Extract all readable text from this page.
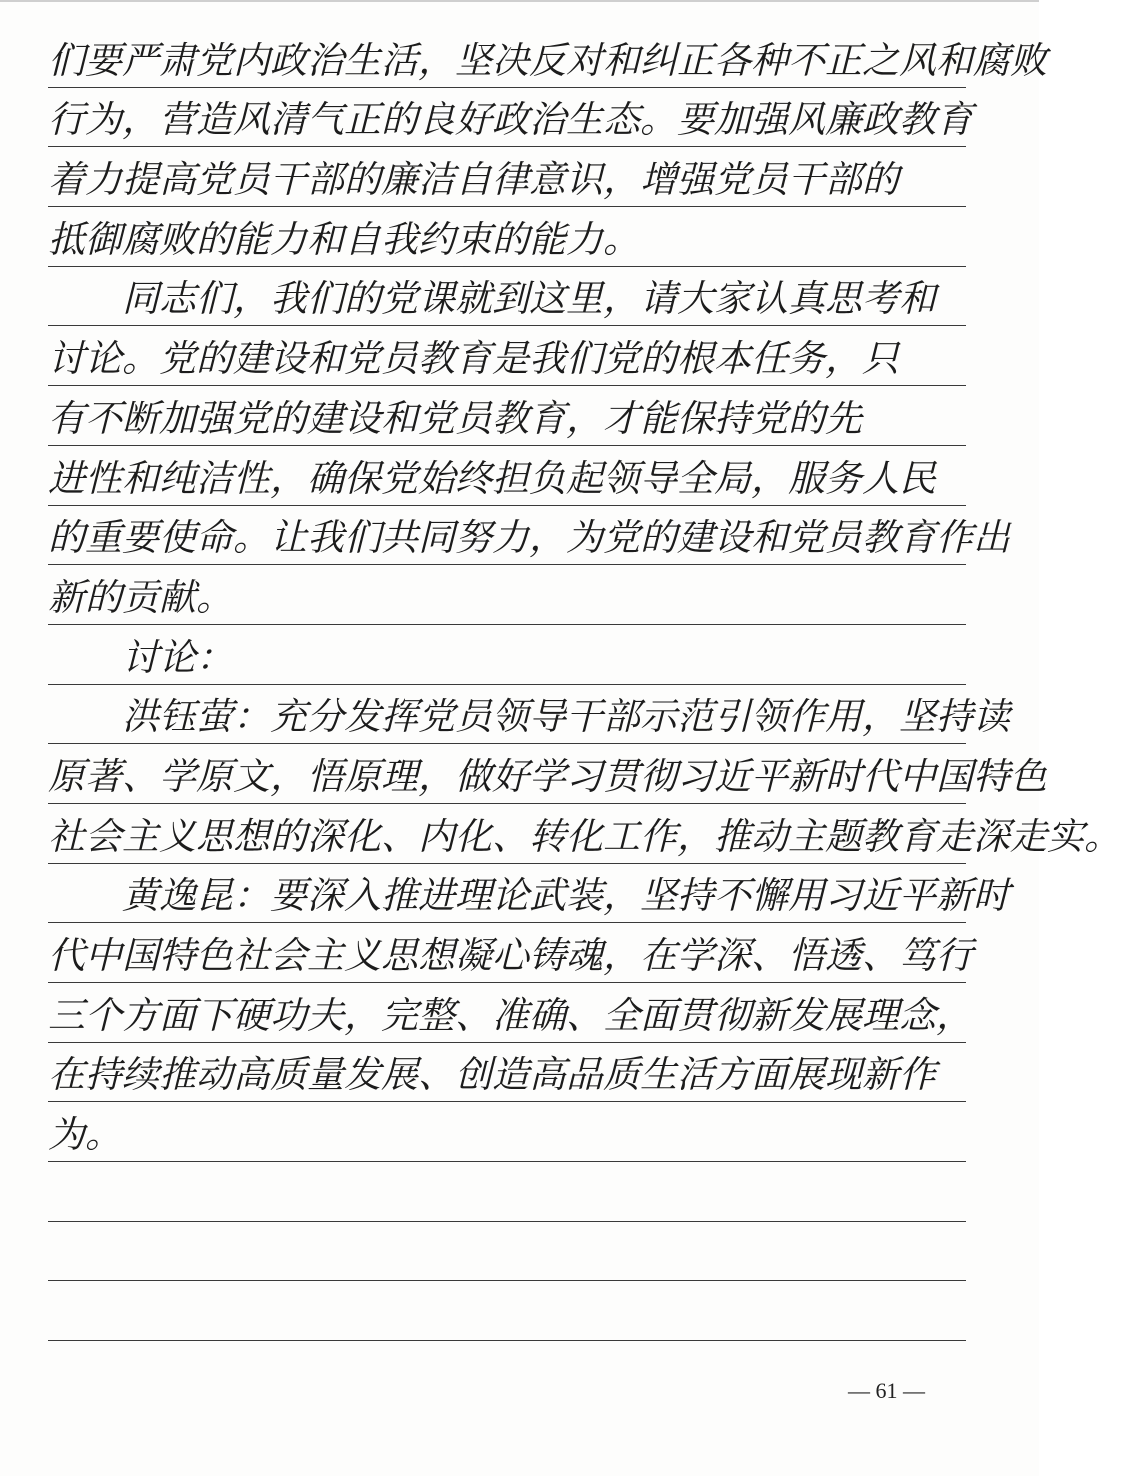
们要严肃党内政治生活，坚决反对和纠正各种不正之风和腐败
行为，营造风清气正的良好政治生态。要加强风廉政教育
着力提高党员干部的廉洁自律意识，增强党员干部的
抵御腐败的能力和自我约束的能力。
　　同志们，我们的党课就到这里，请大家认真思考和
讨论。党的建设和党员教育是我们党的根本任务，只
有不断加强党的建设和党员教育，才能保持党的先
进性和纯洁性，确保党始终担负起领导全局，服务人民
的重要使命。让我们共同努力，为党的建设和党员教育作出
新的贡献。
　　讨论：
　　洪钰萤：充分发挥党员领导干部示范引领作用，坚持读
原著、学原文，悟原理，做好学习贯彻习近平新时代中国特色
社会主义思想的深化、内化、转化工作，推动主题教育走深走实。
　　黄逸昆：要深入推进理论武装，坚持不懈用习近平新时
代中国特色社会主义思想凝心铸魂，在学深、悟透、笃行
三个方面下硬功夫，完整、准确、全面贯彻新发展理念，
在持续推动高质量发展、创造高品质生活方面展现新作
为。
— 61 —
